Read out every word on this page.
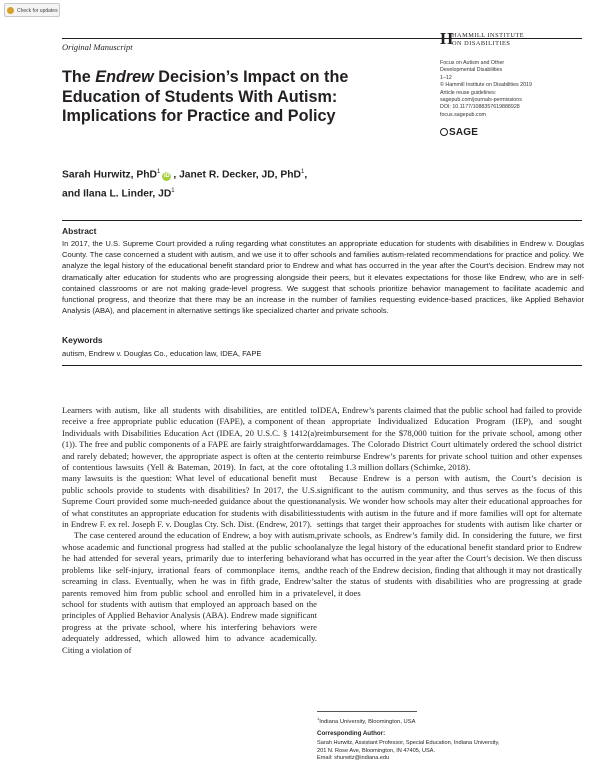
Check for updates
Original Manuscript
The Endrew Decision’s Impact on the Education of Students With Autism: Implications for Practice and Policy
H
HAMMILL INSTITUTE
ON DISABILITIES
Focus on Autism and Other
Developmental Disabilities
1–12
© Hammill Institute on Disabilities 2019
Article reuse guidelines:
sagepub.com/journals-permissions
DOI: 10.1177/1088357619888928
focus.sagepub.com
SAGE
Sarah Hurwitz, PhD$^1$iD , Janet R. Decker, JD, PhD$^1$,
and Ilana L. Linder, $JD^1$
Abstract
In 2017, the U.S. Supreme Court provided a ruling regarding what constitutes an appropriate education for students with disabilities in Endrew v. Douglas County. The case concerned a student with autism, and we use it to offer schools and families autism-related recommendations for practice and policy. We analyze the legal history of the educational benefit standard prior to Endrew and what has occurred in the year after the Court’s decision. Endrew may not dramatically alter education for students who are progressing alongside their peers, but it elevates expectations for those like Endrew, who are in self-contained classrooms or are not making grade-level progress. We suggest that schools prioritize behavior management to facilitate academic and functional progress, and theorize that there may be an increase in the number of families requesting evidence-based practices, like Applied Behavior Analysis (ABA), and placement in alternative settings like specialized charter and private schools.
Keywords
autism, Endrew v. Douglas Co., education law, IDEA, FAPE

Learners with autism, like all students with disabilities, are entitled to receive a free appropriate public education (FAPE), a component of the Individuals with Disabilities Education Act (IDEA, 20 U.S.C. § 1412(a)(1)). The free and public components of a FAPE are fairly straightforward and rarely debated; however, the appropriate aspect is often at the center of contentious lawsuits (Yell & Bateman, 2019). In fact, at the core of many lawsuits is the question: What level of educational benefit must public schools provide to students with disabilities? In 2017, the U.S. Supreme Court provided some much-needed guidance about the question of what constitutes an appropriate education for students with disabilities in Endrew F. ex rel. Joseph F. v. Douglas Cty. Sch. Dist. (Endrew, 2017).

The case centered around the education of Endrew, a boy with autism, whose academic and functional progress had stalled at the public school he had attended for several years, primarily due to interfering behavior problems like self-injury, irrational fears of commonplace items, and screaming in class. Eventually, when he was in fifth grade, Endrew’s parents removed him from public school and enrolled him in a private school for students with autism that employed an approach based on the principles of Applied Behavior Analysis (ABA). Endrew made significant progress at the private school, where his interfering behaviors were adequately addressed, which allowed him to advance academically. Citing a violation of

IDEA, Endrew’s parents claimed that the public school had failed to provide an appropriate Individualized Education Program (IEP), and sought reimbursement for the $78,000 tuition for the private school, among other damages. The Colorado District Court ultimately ordered the school district to reimburse Endrew’s parents for private school tuition and other expenses totaling 1.3 million dollars (Schimke, 2018).

Because Endrew is a person with autism, the Court’s decision is significant to the autism community, and thus serves as the focus of this analysis. We wonder how schools may alter their educational approaches for students with autism in the future and if more families will opt for alternate settings that target their approaches for students with autism like charter or private schools, as Endrew’s family did. In considering the future, we first analyze the legal history of the educational benefit standard prior to Endrew and what has occurred in the year after the Court’s decision. We then discuss the reach of the Endrew decision, finding that although it may not drastically alter the status of students with disabilities who are progressing at grade level, it does

$^1$Indiana University, Bloomington, USA
Corresponding Author:
Sarah Hurwitz, Assistant Professor, Special Education, Indiana University,
201 N. Rose Ave, Bloomington, IN 47405, USA.
Email: shurwitz@indiana.edu
